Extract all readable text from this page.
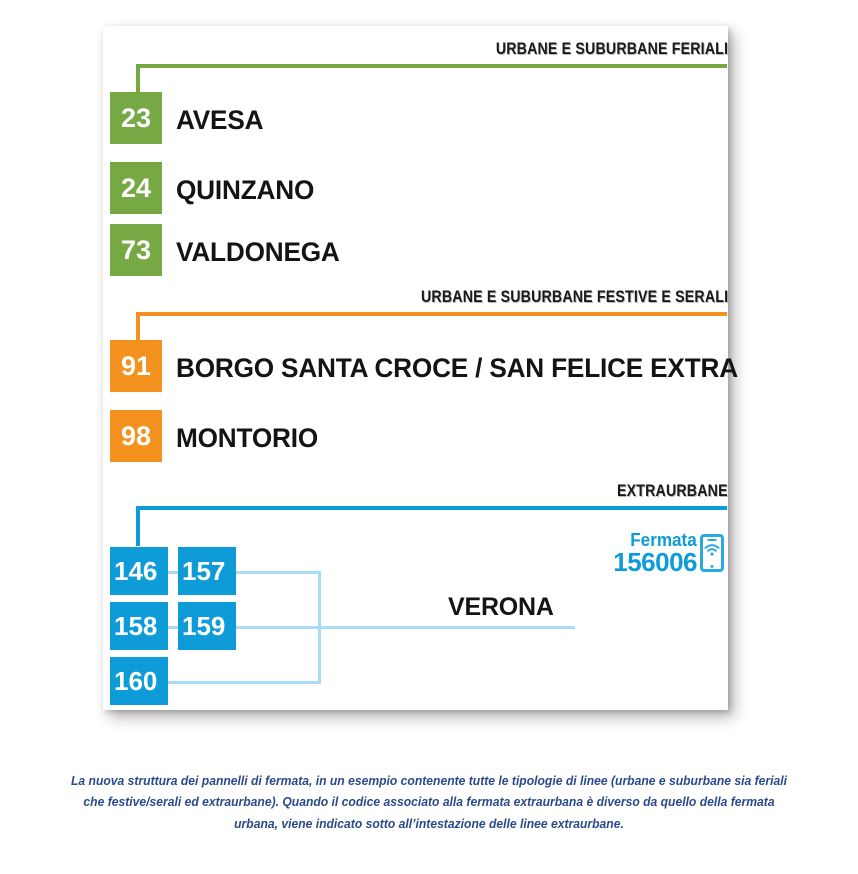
URBANE E SUBURBANE FERIALI
23 AVESA
24 QUINZANO
73 VALDONEGA
URBANE E SUBURBANE FESTIVE E SERALI
91 BORGO SANTA CROCE / SAN FELICE EXTRA
98 MONTORIO
EXTRAURBANE
Fermata
156006
146 157
158 159
160
VERONA
La nuova struttura dei pannelli di fermata, in un esempio contenente tutte le tipologie di linee (urbane e suburbane sia feriali che festive/serali ed extraurbane). Quando il codice associato alla fermata extraurbana è diverso da quello della fermata urbana, viene indicato sotto all’intestazione delle linee extraurbane.
